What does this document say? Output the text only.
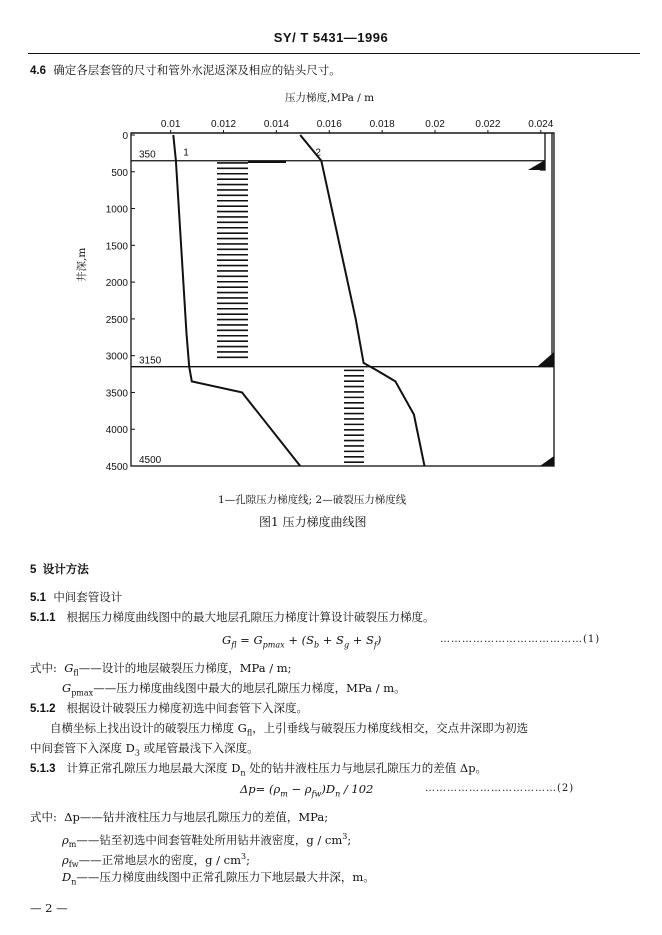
SY/ T 5431—1996
4.6 确定各层套管的尺寸和管外水泥返深及相应的钻头尺寸。
压力梯度,MPa / m
井深,m
0.01	0.012	0.014	0.016	0.018	0.02	0.022	0.024
0
500
1000
1500
2000
2500
3000
3500
4000
4500
350
3150
4500
1	2
1—孔隙压力梯度线; 2—破裂压力梯度线
图1 压力梯度曲线图
5 设计方法
5.1 中间套管设计
5.1.1 根据压力梯度曲线图中的最大地层孔隙压力梯度计算设计破裂压力梯度。
$G_{fl} = G_{pmax} + (S_b + S_g + S_f)$	…………………………………(1)
式中: $G_{fl}——$设计的地层破裂压力梯度，MPa / m;
$G_{pmax}——$压力梯度曲线图中最大的地层孔隙压力梯度，MPa / m。
5.1.2 根据设计破裂压力梯度初选中间套管下入深度。
自横坐标上找出设计的破裂压力梯度 $G_{fl}$，上引垂线与破裂压力梯度线相交，交点井深即为初选
中间套管下入深度 $D_3$ 或尾管最浅下入深度。
5.1.3 计算正常孔隙压力地层最大深度 $D_n$ 处的钻井液柱压力与地层孔隙压力的差值 Δp。
$\Delta p= (\rho_m - \rho_{fw})D_n / 102$	………………………………(2)
式中: Δp——钻井液柱压力与地层孔隙压力的差值，MPa;
$\rho_m——$钻至初选中间套管鞋处所用钻井液密度，g / $cm^3$;
$\rho_{fw}——$正常地层水的密度，g / $cm^3$;
$D_n——$压力梯度曲线图中正常孔隙压力下地层最大井深，m。
— 2 —
